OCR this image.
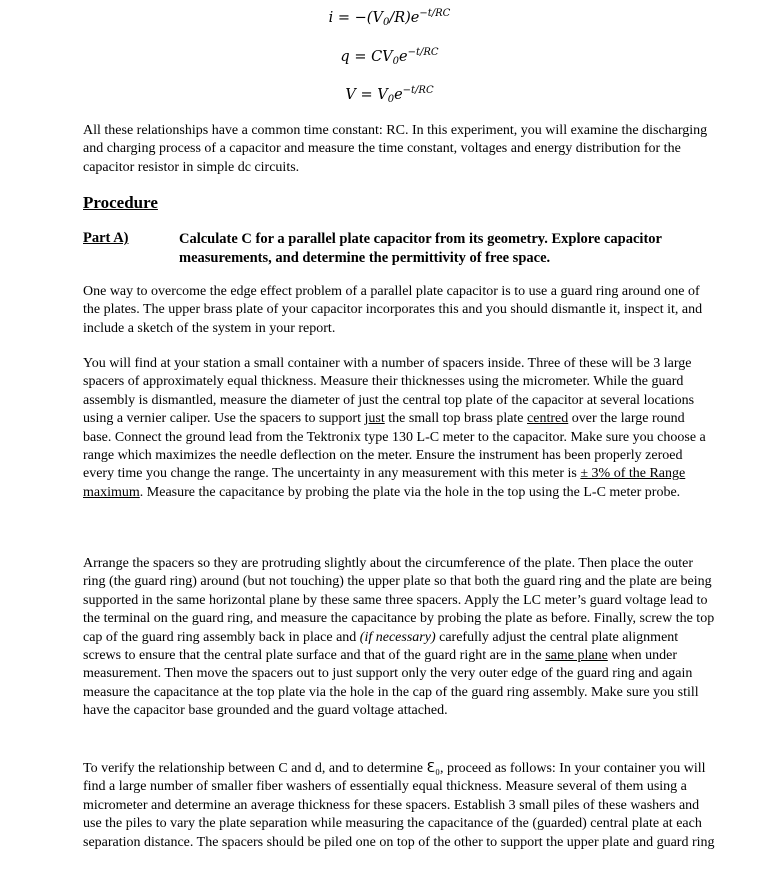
$i = -(V_0/R)e^{-t/RC}$
$q = CV_0e^{-t/RC}$
$V = V_0e^{-t/RC}$
All these relationships have a common time constant: RC. In this experiment, you will examine the discharging and charging process of a capacitor and measure the time constant, voltages and energy distribution for the capacitor resistor in simple dc circuits.
Procedure
Part A)	Calculate C for a parallel plate capacitor from its geometry. Explore capacitor measurements, and determine the permittivity of free space.
One way to overcome the edge effect problem of a parallel plate capacitor is to use a guard ring around one of the plates. The upper brass plate of your capacitor incorporates this and you should dismantle it, inspect it, and include a sketch of the system in your report.
You will find at your station a small container with a number of spacers inside. Three of these will be 3 large spacers of approximately equal thickness. Measure their thicknesses using the micrometer. While the guard assembly is dismantled, measure the diameter of just the central top plate of the capacitor at several locations using a vernier caliper. Use the spacers to support just the small top brass plate centred over the large round base. Connect the ground lead from the Tektronix type 130 L-C meter to the capacitor. Make sure you choose a range which maximizes the needle deflection on the meter. Ensure the instrument has been properly zeroed every time you change the range. The uncertainty in any measurement with this meter is ± 3% of the Range maximum. Measure the capacitance by probing the plate via the hole in the top using the L-C meter probe.
Arrange the spacers so they are protruding slightly about the circumference of the plate. Then place the outer ring (the guard ring) around (but not touching) the upper plate so that both the guard ring and the plate are being supported in the same horizontal plane by these same three spacers. Apply the LC meter’s guard voltage lead to the terminal on the guard ring, and measure the capacitance by probing the plate as before. Finally, screw the top cap of the guard ring assembly back in place and (if necessary) carefully adjust the central plate alignment screws to ensure that the central plate surface and that of the guard right are in the same plane when under measurement. Then move the spacers out to just support only the very outer edge of the guard ring and again measure the capacitance at the top plate via the hole in the cap of the guard ring assembly. Make sure you still have the capacitor base grounded and the guard voltage attached.
To verify the relationship between C and d, and to determine ℇ₀, proceed as follows: In your container you will find a large number of smaller fiber washers of essentially equal thickness. Measure several of them using a micrometer and determine an average thickness for these spacers. Establish 3 small piles of these washers and use the piles to vary the plate separation while measuring the capacitance of the (guarded) central plate at each separation distance. The spacers should be piled one on top of the other to support the upper plate and guard ring
